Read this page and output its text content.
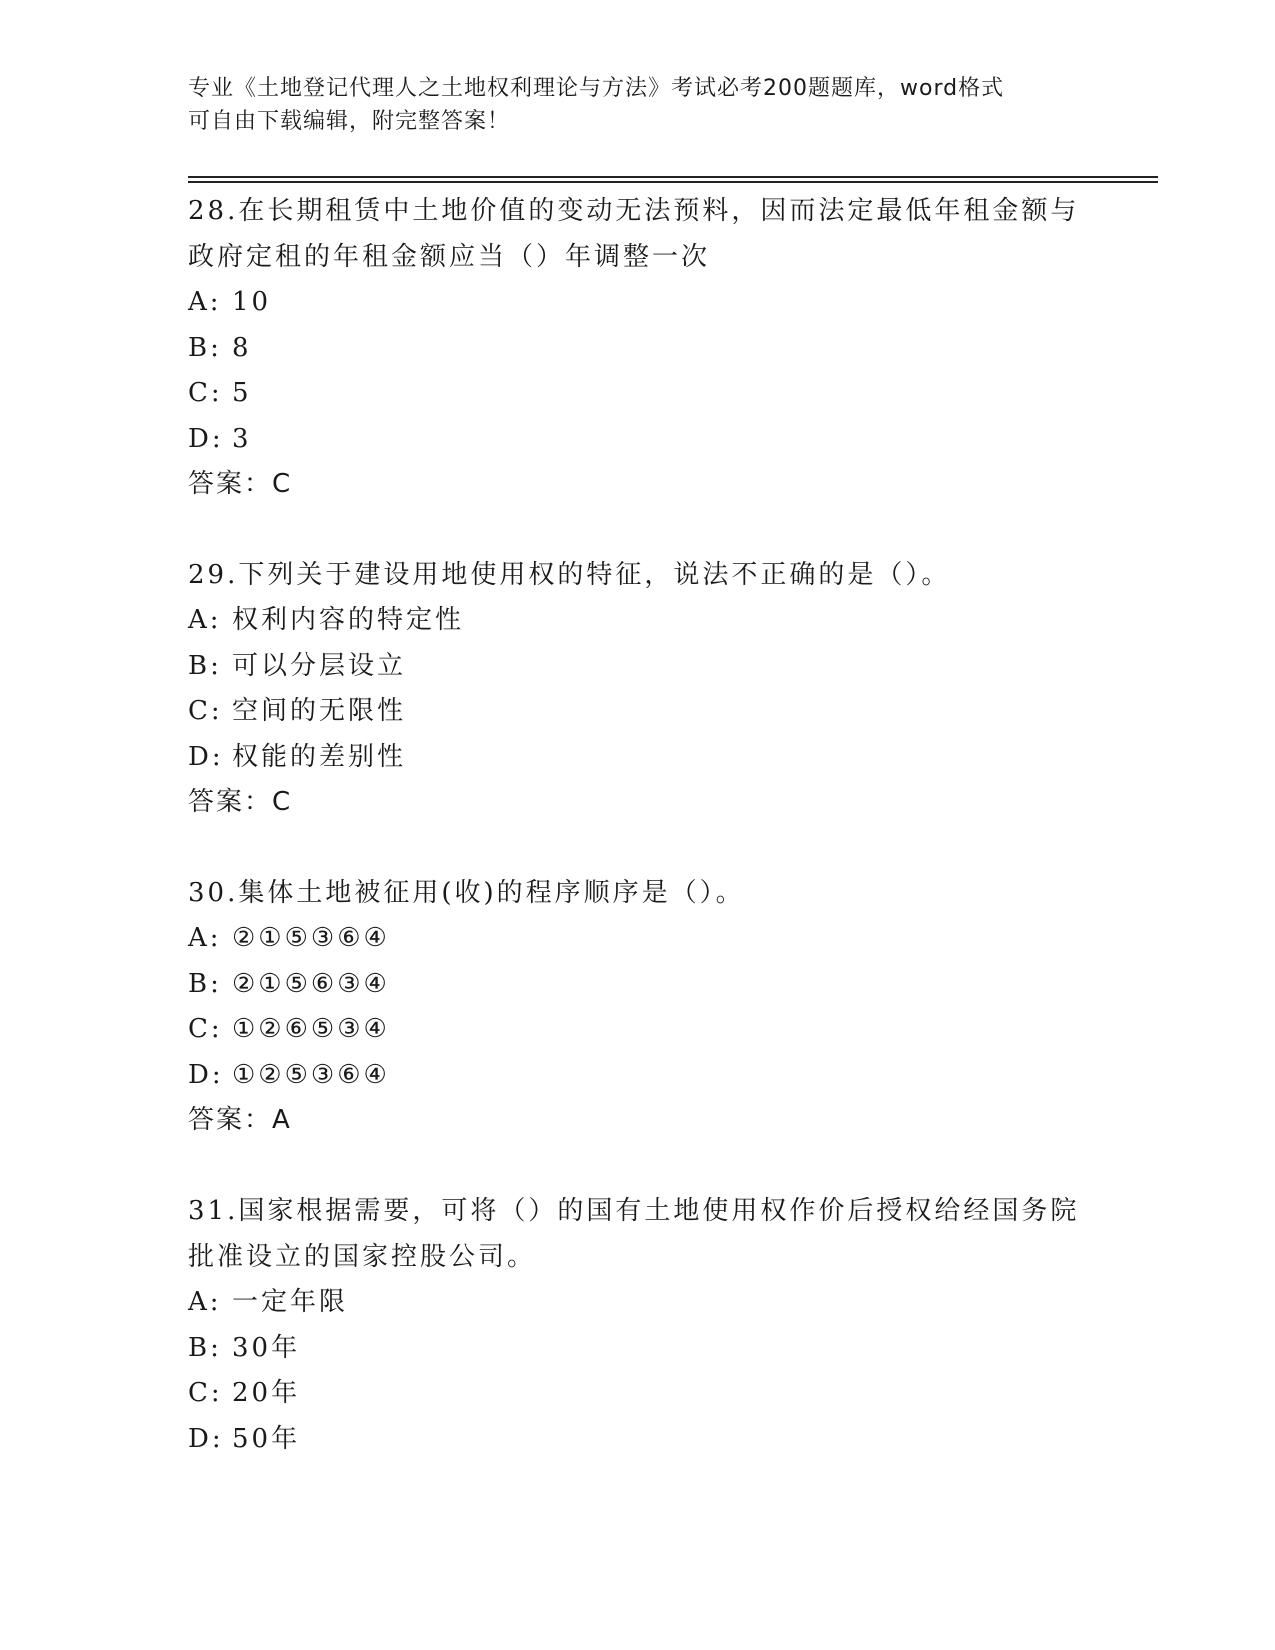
专业《土地登记代理人之土地权利理论与方法》考试必考200题题库，word格式
可自由下载编辑，附完整答案！
28.在长期租赁中土地价值的变动无法预料，因而法定最低年租金额与政府定租的年租金额应当（）年调整一次
A: 10
B: 8
C: 5
D: 3
答案：C
29.下列关于建设用地使用权的特征，说法不正确的是（）。
A: 权利内容的特定性
B: 可以分层设立
C: 空间的无限性
D: 权能的差别性
答案：C
30.集体土地被征用(收)的程序顺序是（）。
A: ②①⑤③⑥④
B: ②①⑤⑥③④
C: ①②⑥⑤③④
D: ①②⑤③⑥④
答案：A
31.国家根据需要，可将（）的国有土地使用权作价后授权给经国务院批准设立的国家控股公司。
A: 一定年限
B: 30年
C: 20年
D: 50年
